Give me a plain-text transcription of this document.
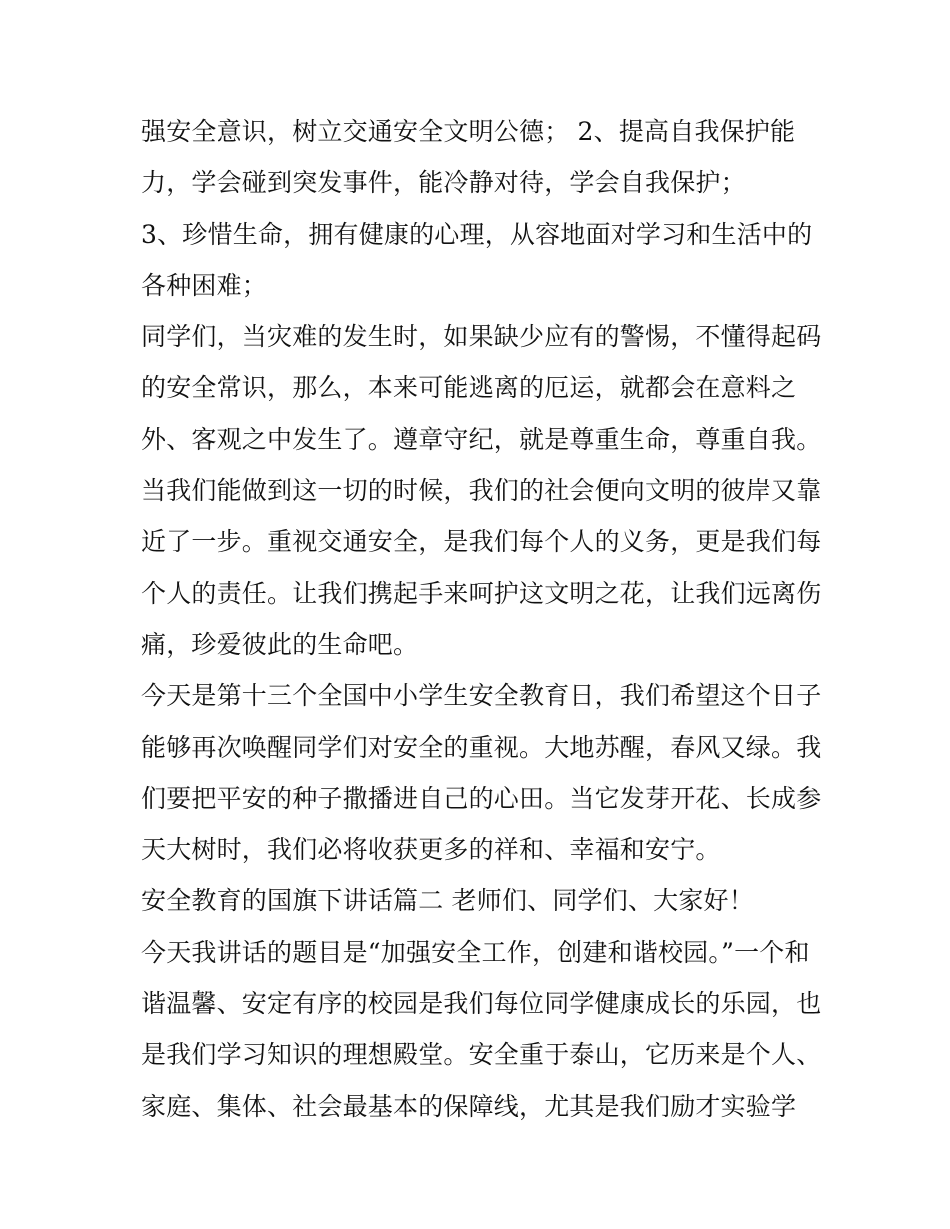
强安全意识，树立交通安全文明公德； 2、提高自我保护能
力，学会碰到突发事件，能冷静对待，学会自我保护；
3、珍惜生命，拥有健康的心理，从容地面对学习和生活中的
各种困难；
同学们，当灾难的发生时，如果缺少应有的警惕，不懂得起码
的安全常识，那么，本来可能逃离的厄运，就都会在意料之
外、客观之中发生了。遵章守纪，就是尊重生命，尊重自我。
当我们能做到这一切的时候，我们的社会便向文明的彼岸又靠
近了一步。重视交通安全，是我们每个人的义务，更是我们每
个人的责任。让我们携起手来呵护这文明之花，让我们远离伤
痛，珍爱彼此的生命吧。
今天是第十三个全国中小学生安全教育日，我们希望这个日子
能够再次唤醒同学们对安全的重视。大地苏醒，春风又绿。我
们要把平安的种子撒播进自己的心田。当它发芽开花、长成参
天大树时，我们必将收获更多的祥和、幸福和安宁。
安全教育的国旗下讲话篇二 老师们、同学们、大家好！
今天我讲话的题目是“加强安全工作，创建和谐校园。”一个和
谐温馨、安定有序的校园是我们每位同学健康成长的乐园，也
是我们学习知识的理想殿堂。安全重于泰山，它历来是个人、
家庭、集体、社会最基本的保障线，尤其是我们励才实验学
